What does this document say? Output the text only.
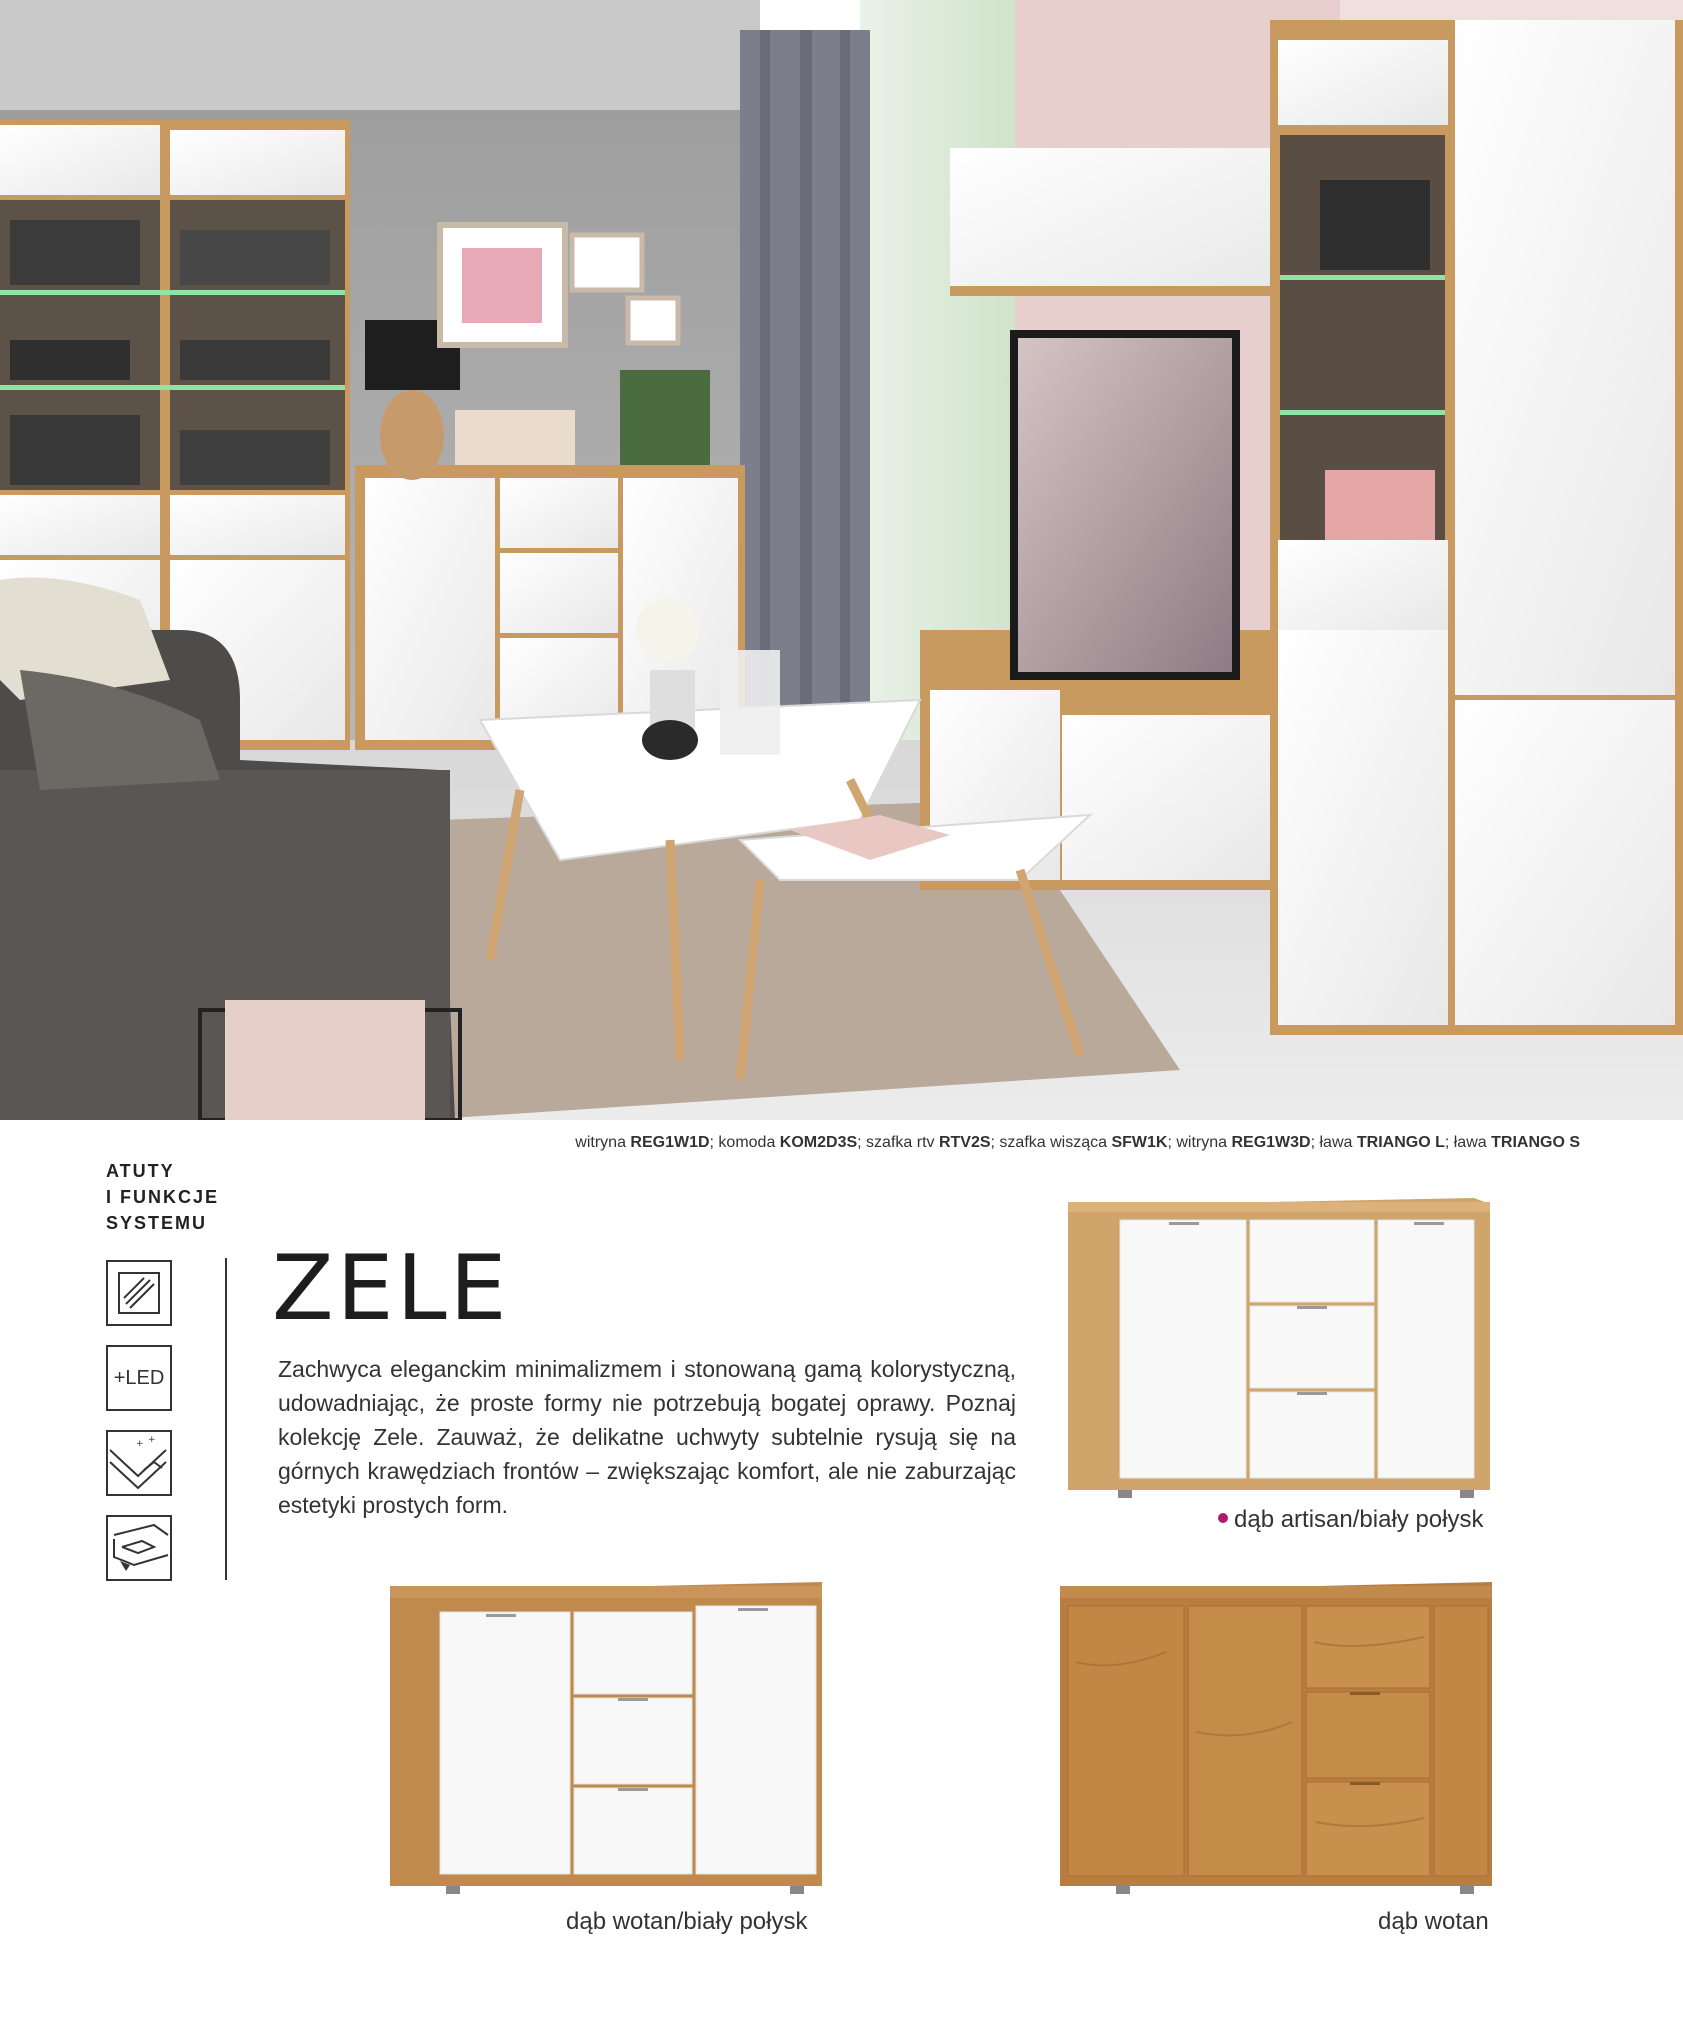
witryna REG1W1D; komoda KOM2D3S; szafka rtv RTV2S; szafka wisząca SFW1K; witryna REG1W3D; ława TRIANGO L; ława TRIANGO S
ATUTY
I FUNKCJE
SYSTEMU
+LED
+ +
ZELE
Zachwyca eleganckim minimalizmem i stonowaną gamą kolorystyczną, udowadniając, że proste formy nie potrzebują bogatej oprawy. Poznaj kolekcję Zele. Zauważ, że delikatne uchwyty subtelnie rysują się na górnych krawędziach frontów – zwiększając komfort, ale nie zaburzając estetyki prostych form.
dąb artisan/biały połysk
dąb wotan/biały połysk	dąb wotan
